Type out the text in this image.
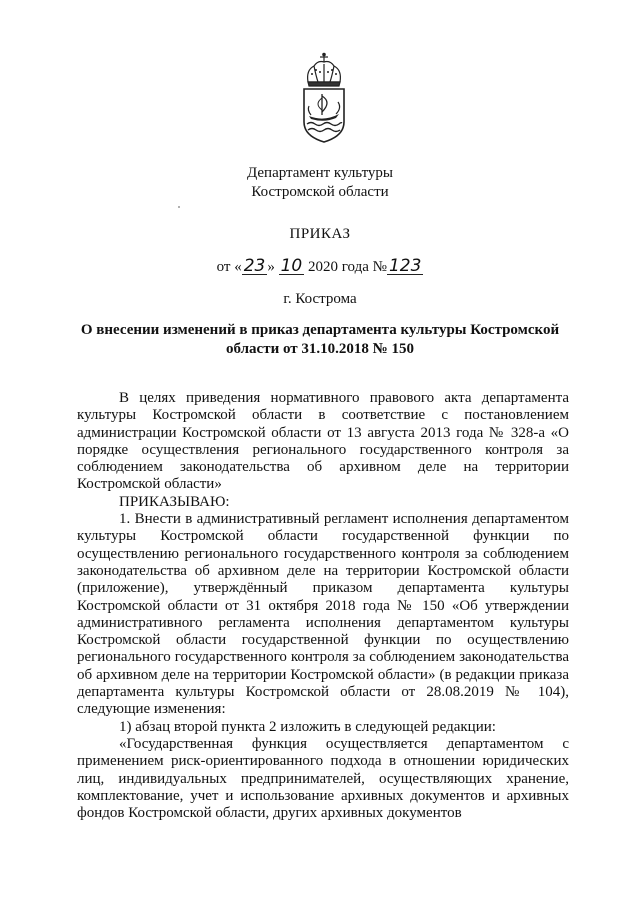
Департамент культуры
Костромской области
ПРИКАЗ
от « 23 » 10 2020 года № 123
г. Кострома
О внесении изменений в приказ департамента культуры Костромской области от 31.10.2018 № 150

В целях приведения нормативного правового акта департамента культуры Костромской области в соответствие с постановлением администрации Костромской области от 13 августа 2013 года № 328-а «О порядке осуществления регионального государственного контроля за соблюдением законодательства об архивном деле на территории Костромской области»

ПРИКАЗЫВАЮ:

1. Внести в административный регламент исполнения департаментом культуры Костромской области государственной функции по осуществлению регионального государственного контроля за соблюдением законодательства об архивном деле на территории Костромской области (приложение), утверждённый приказом департамента культуры Костромской области от 31 октября 2018 года № 150 «Об утверждении административного регламента исполнения департаментом культуры Костромской области государственной функции по осуществлению регионального государственного контроля за соблюдением законодательства об архивном деле на территории Костромской области» (в редакции приказа департамента культуры Костромской области от 28.08.2019 № 104), следующие изменения:

1) абзац второй пункта 2 изложить в следующей редакции:

«Государственная функция осуществляется департаментом с применением риск-ориентированного подхода в отношении юридических лиц, индивидуальных предпринимателей, осуществляющих хранение, комплектование, учет и использование архивных документов и архивных фондов Костромской области, других архивных документов
